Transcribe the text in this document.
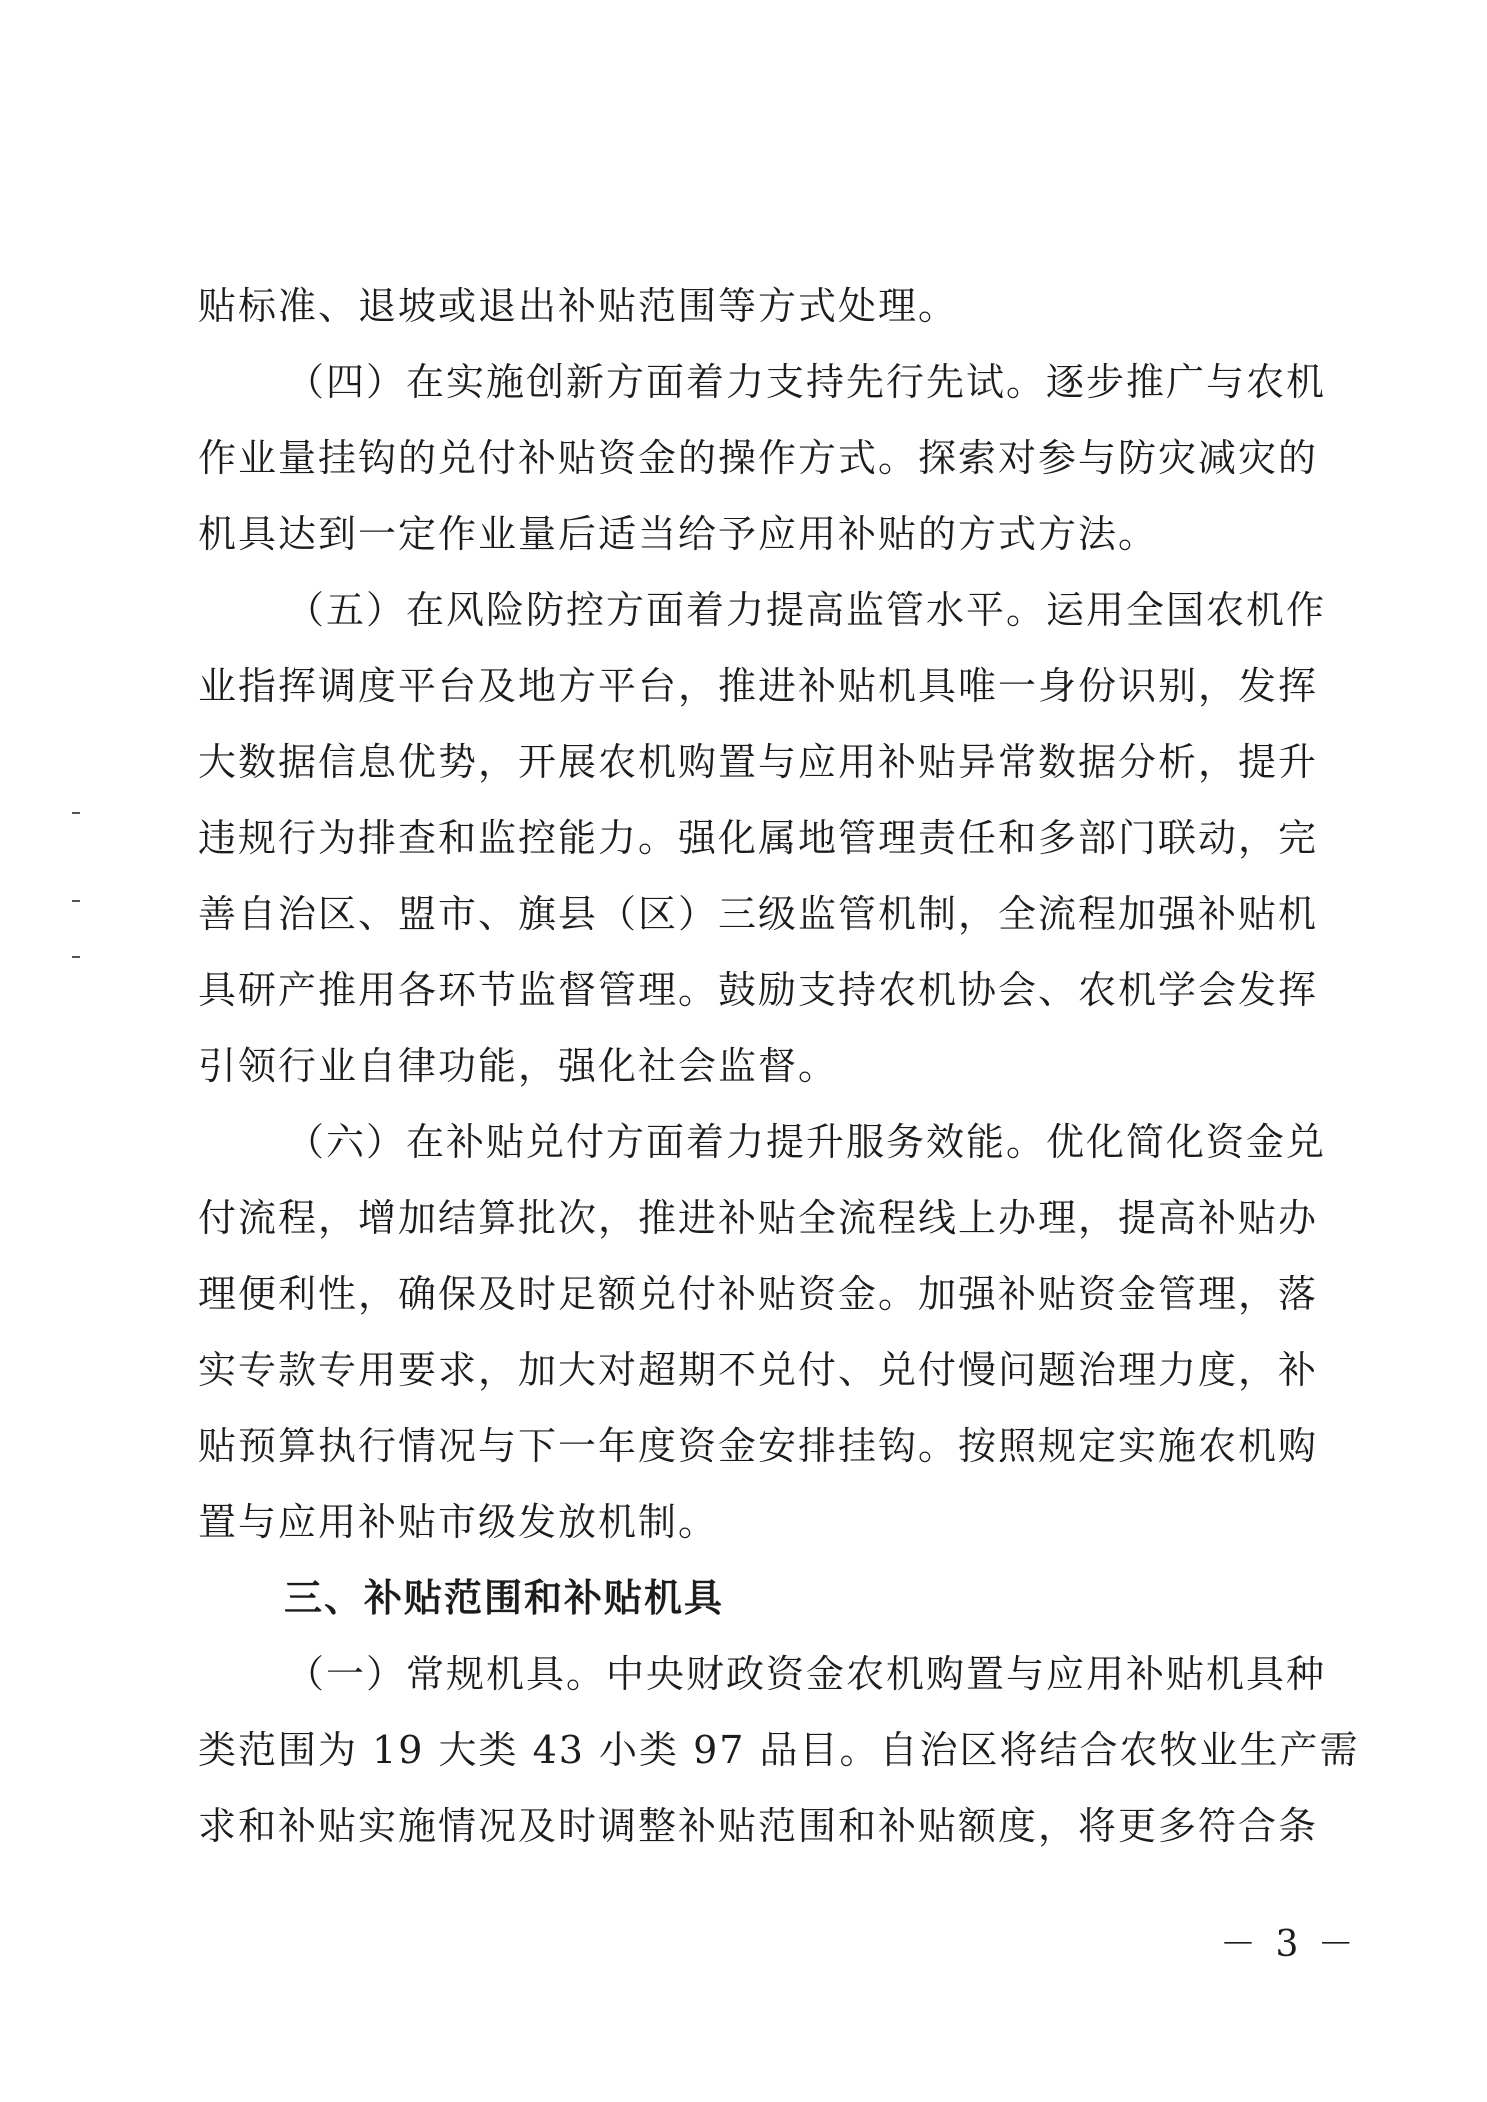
贴标准、退坡或退出补贴范围等方式处理。
（四）在实施创新方面着力支持先行先试。逐步推广与农机
作业量挂钩的兑付补贴资金的操作方式。探索对参与防灾减灾的
机具达到一定作业量后适当给予应用补贴的方式方法。
（五）在风险防控方面着力提高监管水平。运用全国农机作
业指挥调度平台及地方平台，推进补贴机具唯一身份识别，发挥
大数据信息优势，开展农机购置与应用补贴异常数据分析，提升
违规行为排查和监控能力。强化属地管理责任和多部门联动，完
善自治区、盟市、旗县（区）三级监管机制，全流程加强补贴机
具研产推用各环节监督管理。鼓励支持农机协会、农机学会发挥
引领行业自律功能，强化社会监督。
（六）在补贴兑付方面着力提升服务效能。优化简化资金兑
付流程，增加结算批次，推进补贴全流程线上办理，提高补贴办
理便利性，确保及时足额兑付补贴资金。加强补贴资金管理，落
实专款专用要求，加大对超期不兑付、兑付慢问题治理力度，补
贴预算执行情况与下一年度资金安排挂钩。按照规定实施农机购
置与应用补贴市级发放机制。
三、补贴范围和补贴机具
（一）常规机具。中央财政资金农机购置与应用补贴机具种
类范围为 19 大类 43 小类 97 品目。自治区将结合农牧业生产需
求和补贴实施情况及时调整补贴范围和补贴额度，将更多符合条
－ 3 －
